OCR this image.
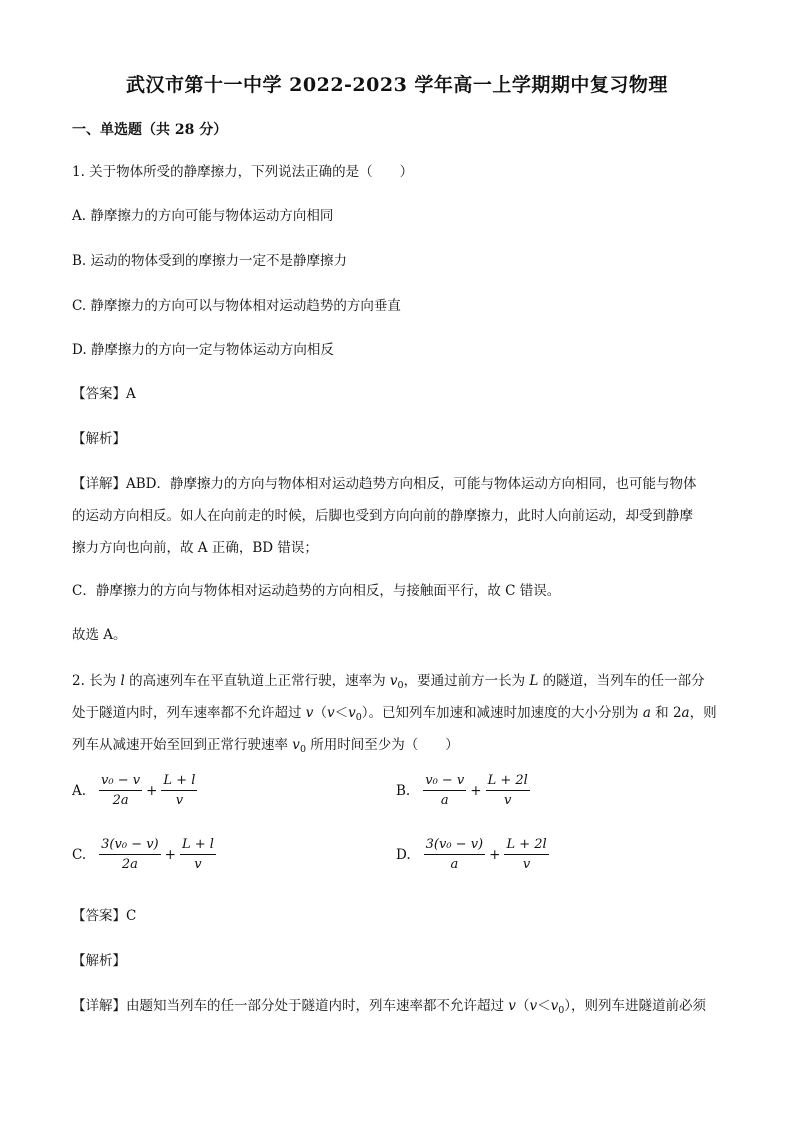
武汉市第十一中学 2022-2023 学年高一上学期期中复习物理
一、单选题（共 28 分）
1. 关于物体所受的静摩擦力，下列说法正确的是（　　）
A. 静摩擦力的方向可能与物体运动方向相同
B. 运动的物体受到的摩擦力一定不是静摩擦力
C. 静摩擦力的方向可以与物体相对运动趋势的方向垂直
D. 静摩擦力的方向一定与物体运动方向相反
【答案】A
【解析】
【详解】ABD．静摩擦力的方向与物体相对运动趋势方向相反，可能与物体运动方向相同，也可能与物体
的运动方向相反。如人在向前走的时候，后脚也受到方向向前的静摩擦力，此时人向前运动，却受到静摩
擦力方向也向前，故 A 正确，BD 错误；
C．静摩擦力的方向与物体相对运动趋势的方向相反，与接触面平行，故 C 错误。
故选 A。
2. 长为 l 的高速列车在平直轨道上正常行驶，速率为 $v_0$，要通过前方一长为 L 的隧道，当列车的任一部分
处于隧道内时，列车速率都不允许超过 $v(v<v_0)$。已知列车加速和减速时加速度的大小分别为 a 和 2a，则
列车从减速开始至回到正常行驶速率 $v_0$ 所用时间至少为（　　）
A. $\frac{\text{v₀ − v}}{2a} + \frac{L + l}{v}$	B. $\frac{\text{v₀ − v}}{a} + \frac{L + 2l}{v}$
C. $\frac{\text{3(v₀ − v)}}{2a} + \frac{L + l}{v}$	D. $\frac{\text{3(v₀ − v)}}{a} + \frac{L + 2l}{v}$
【答案】C
【解析】
【详解】由题知当列车的任一部分处于隧道内时，列车速率都不允许超过 $v(v<v_0)$，则列车进隧道前必须
